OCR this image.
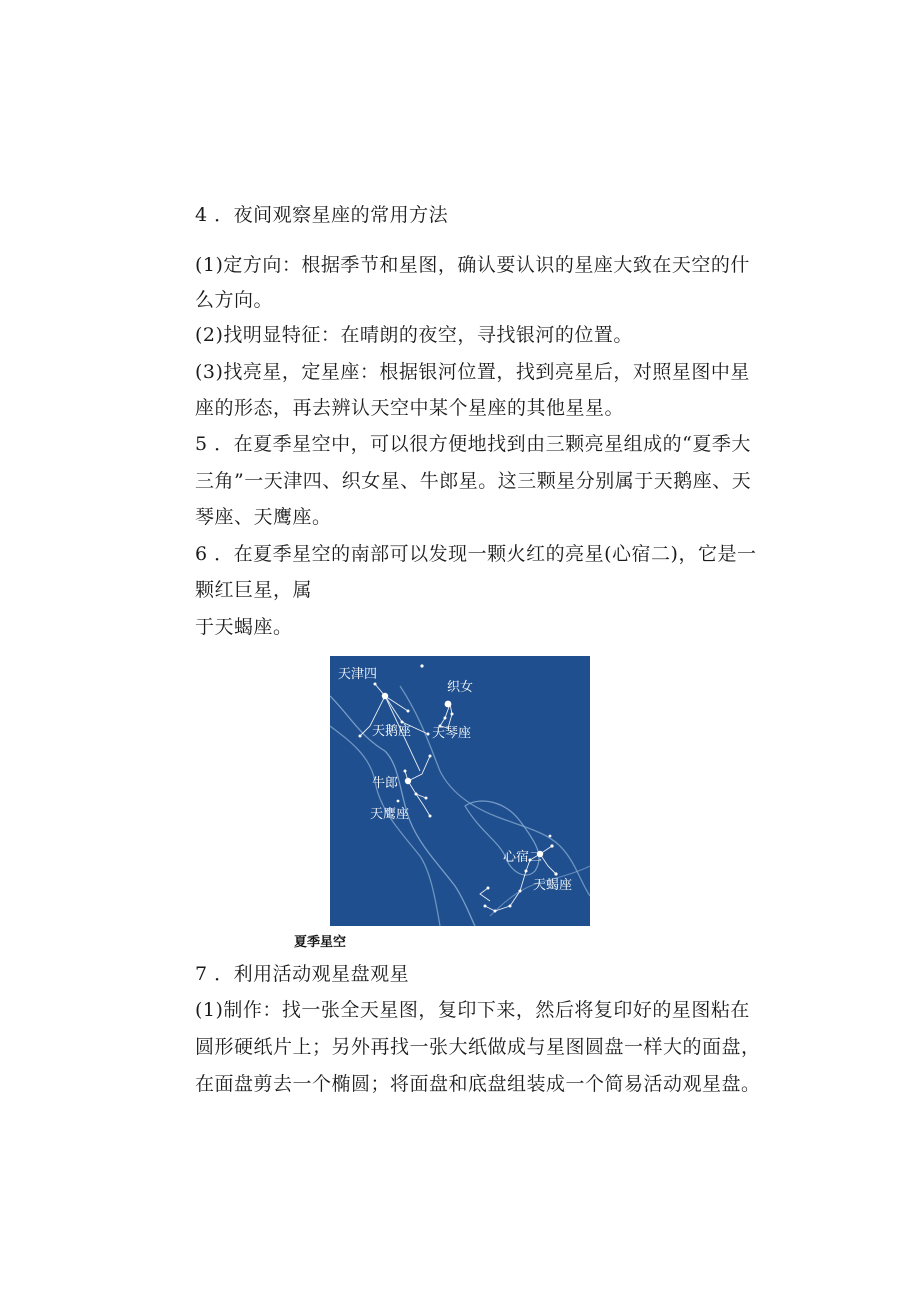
4 ．夜间观察星座的常用方法
(1)定方向：根据季节和星图，确认要认识的星座大致在天空的什
么方向。
(2)找明显特征：在晴朗的夜空，寻找银河的位置。
(3)找亮星，定星座：根据银河位置，找到亮星后，对照星图中星
座的形态，再去辨认天空中某个星座的其他星星。
5 ．在夏季星空中，可以很方便地找到由三颗亮星组成的“夏季大
三角”一天津四、织女星、牛郎星。这三颗星分别属于天鹅座、天
琴座、天鹰座。
6 ．在夏季星空的南部可以发现一颗火红的亮星(心宿二)，它是一
颗红巨星，属
于天蝎座。
天津四
织女
天鹅座 天琴座
牛郎
天鹰座
心宿二
天蝎座
夏季星空
7 ．利用活动观星盘观星
(1)制作：找一张全天星图，复印下来，然后将复印好的星图粘在
圆形硬纸片上；另外再找一张大纸做成与星图圆盘一样大的面盘，
在面盘剪去一个椭圆；将面盘和底盘组装成一个简易活动观星盘。
